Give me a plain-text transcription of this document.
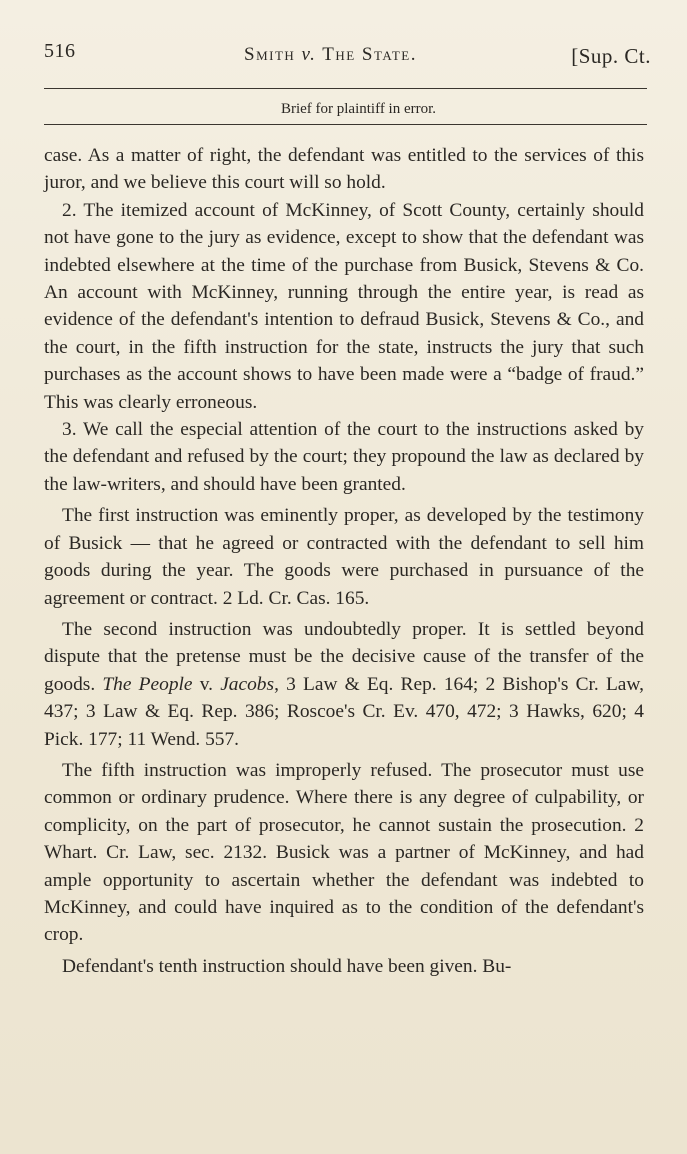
516	Smith v. The State.	[Sup. Ct.
Brief for plaintiff in error.

case. As a matter of right, the defendant was entitled to the services of this juror, and we believe this court will so hold.

2. The itemized account of McKinney, of Scott County, certainly should not have gone to the jury as evidence, except to show that the defendant was indebted elsewhere at the time of the purchase from Busick, Stevens & Co. An account with McKinney, running through the entire year, is read as evidence of the defendant's intention to defraud Busick, Stevens & Co., and the court, in the fifth instruction for the state, instructs the jury that such purchases as the account shows to have been made were a “badge of fraud.” This was clearly erroneous.

3. We call the especial attention of the court to the instructions asked by the defendant and refused by the court; they propound the law as declared by the law-writers, and should have been granted.

The first instruction was eminently proper, as developed by the testimony of Busick — that he agreed or contracted with the defendant to sell him goods during the year. The goods were purchased in pursuance of the agreement or contract. 2 Ld. Cr. Cas. 165.

The second instruction was undoubtedly proper. It is settled beyond dispute that the pretense must be the decisive cause of the transfer of the goods. The People v. Jacobs, 3 Law & Eq. Rep. 164; 2 Bishop's Cr. Law, 437; 3 Law & Eq. Rep. 386; Roscoe's Cr. Ev. 470, 472; 3 Hawks, 620; 4 Pick. 177; 11 Wend. 557.

The fifth instruction was improperly refused. The prosecutor must use common or ordinary prudence. Where there is any degree of culpability, or complicity, on the part of prosecutor, he cannot sustain the prosecution. 2 Whart. Cr. Law, sec. 2132. Busick was a partner of McKinney, and had ample opportunity to ascertain whether the defendant was indebted to McKinney, and could have inquired as to the condition of the defendant's crop.

Defendant's tenth instruction should have been given. Bu-
